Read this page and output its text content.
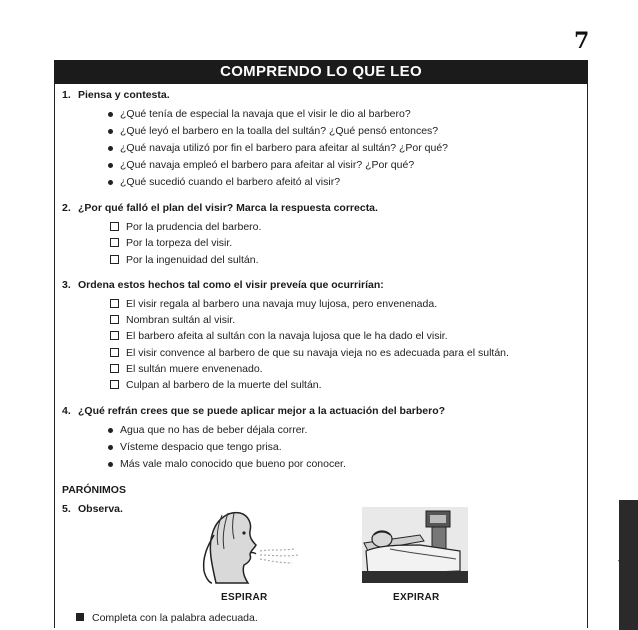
7
COMPRENDO LO QUE LEO

1. Piensa y contesta.

¿Qué tenía de especial la navaja que el visir le dio al barbero?
¿Qué leyó el barbero en la toalla del sultán? ¿Qué pensó entonces?
¿Qué navaja utilizó por fin el barbero para afeitar al sultán? ¿Por qué?
¿Qué navaja empleó el barbero para afeitar al visir? ¿Por qué?
¿Qué sucedió cuando el barbero afeitó al visir?

2. ¿Por qué falló el plan del visir? Marca la respuesta correcta.

Por la prudencia del barbero.
Por la torpeza del visir.
Por la ingenuidad del sultán.

3. Ordena estos hechos tal como el visir preveía que ocurrirían:

El visir regala al barbero una navaja muy lujosa, pero envenenada.
Nombran sultán al visir.
El barbero afeita al sultán con la navaja lujosa que le ha dado el visir.
El visir convence al barbero de que su navaja vieja no es adecuada para el sultán.
El sultán muere envenenado.
Culpan al barbero de la muerte del sultán.

4. ¿Qué refrán crees que se puede aplicar mejor a la actuación del barbero?

Agua que no has de beber déjala correr.
Vísteme despacio que tengo prisa.
Más vale malo conocido que bueno por conocer.
PARÓNIMOS

5. Observa.

ESPIRAR	EXPIRAR
Completa con la palabra adecuada.
